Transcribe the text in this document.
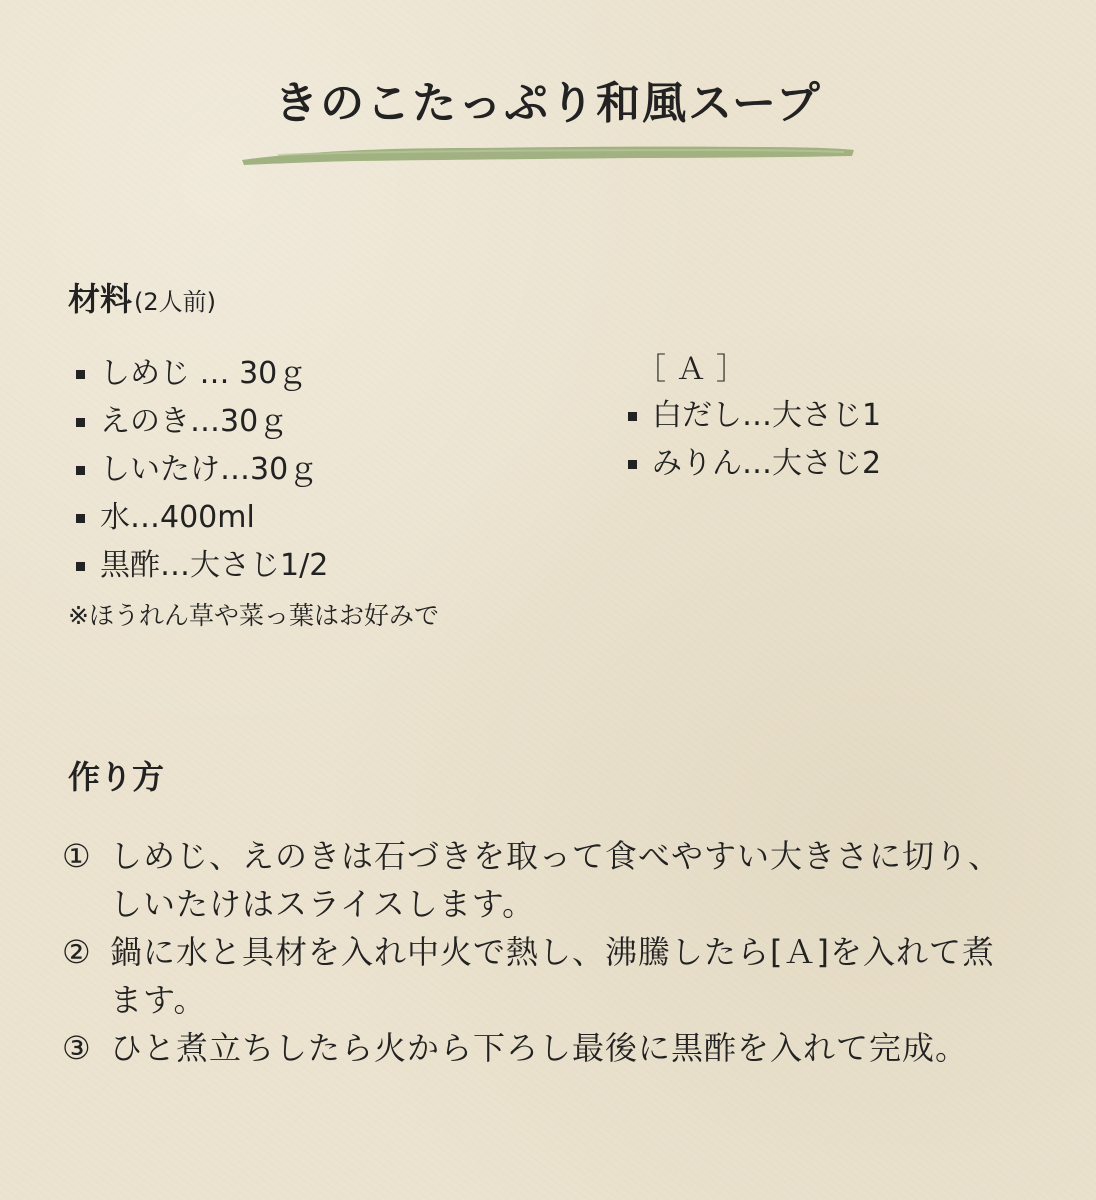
きのこたっぷり和風スープ
材料(2人前)
しめじ … 30ｇ
えのき…30ｇ
しいたけ…30ｇ
水…400ml
黒酢…大さじ1/2
［Ａ］
白だし…大さじ1
みりん…大さじ2
※ほうれん草や菜っ葉はお好みで
作り方
① しめじ、えのきは石づきを取って食べやすい大きさに切り、しいたけはスライスします。
② 鍋に水と具材を入れ中火で熱し、沸騰したら[Ａ]を入れて煮ます。
③ ひと煮立ちしたら火から下ろし最後に黒酢を入れて完成。
